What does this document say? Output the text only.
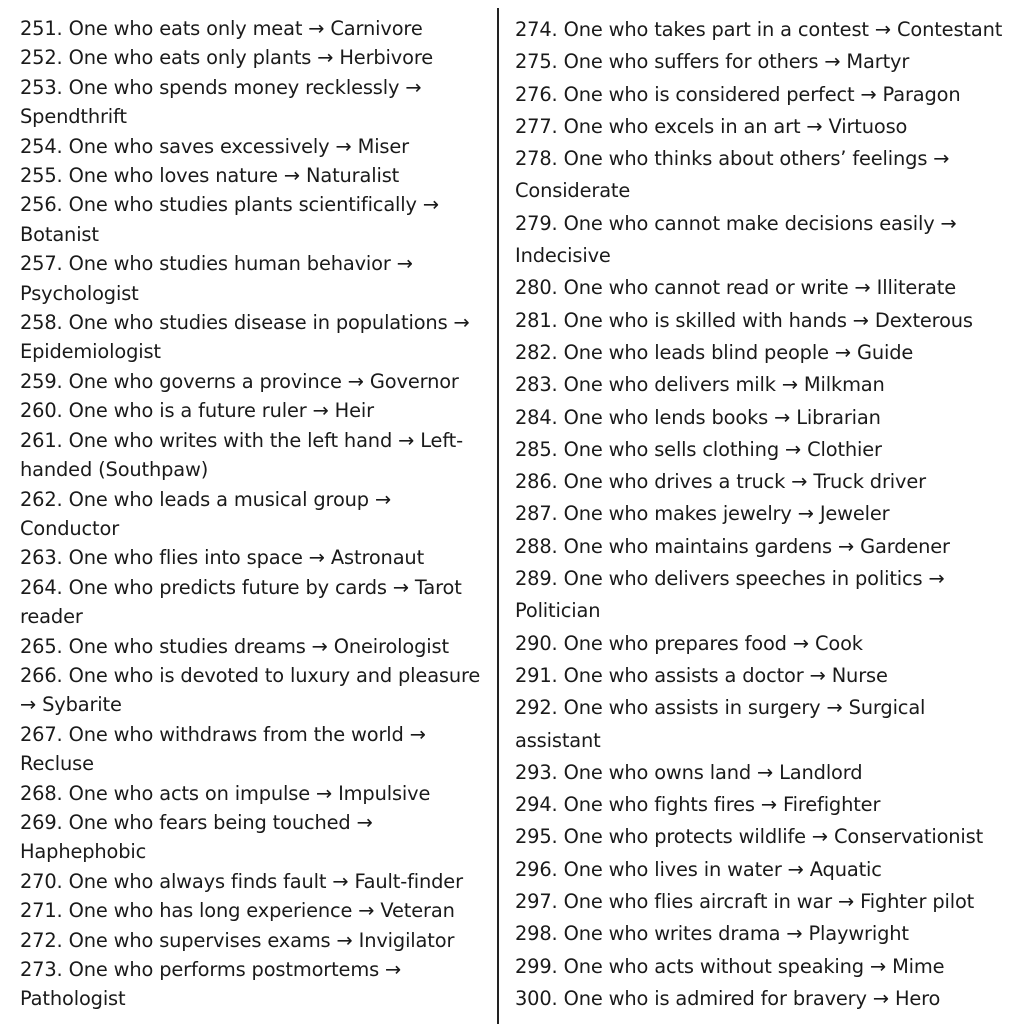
251. One who eats only meat → Carnivore
252. One who eats only plants → Herbivore
253. One who spends money recklessly → Spendthrift
254. One who saves excessively → Miser
255. One who loves nature → Naturalist
256. One who studies plants scientifically → Botanist
257. One who studies human behavior → Psychologist
258. One who studies disease in populations → Epidemiologist
259. One who governs a province → Governor
260. One who is a future ruler → Heir
261. One who writes with the left hand → Left-handed (Southpaw)
262. One who leads a musical group → Conductor
263. One who flies into space → Astronaut
264. One who predicts future by cards → Tarot reader
265. One who studies dreams → Oneirologist
266. One who is devoted to luxury and pleasure → Sybarite
267. One who withdraws from the world → Recluse
268. One who acts on impulse → Impulsive
269. One who fears being touched → Haphephobic
270. One who always finds fault → Fault-finder
271. One who has long experience → Veteran
272. One who supervises exams → Invigilator
273. One who performs postmortems → Pathologist
274. One who takes part in a contest → Contestant
275. One who suffers for others → Martyr
276. One who is considered perfect → Paragon
277. One who excels in an art → Virtuoso
278. One who thinks about others’ feelings → Considerate
279. One who cannot make decisions easily → Indecisive
280. One who cannot read or write → Illiterate
281. One who is skilled with hands → Dexterous
282. One who leads blind people → Guide
283. One who delivers milk → Milkman
284. One who lends books → Librarian
285. One who sells clothing → Clothier
286. One who drives a truck → Truck driver
287. One who makes jewelry → Jeweler
288. One who maintains gardens → Gardener
289. One who delivers speeches in politics → Politician
290. One who prepares food → Cook
291. One who assists a doctor → Nurse
292. One who assists in surgery → Surgical assistant
293. One who owns land → Landlord
294. One who fights fires → Firefighter
295. One who protects wildlife → Conservationist
296. One who lives in water → Aquatic
297. One who flies aircraft in war → Fighter pilot
298. One who writes drama → Playwright
299. One who acts without speaking → Mime
300. One who is admired for bravery → Hero
